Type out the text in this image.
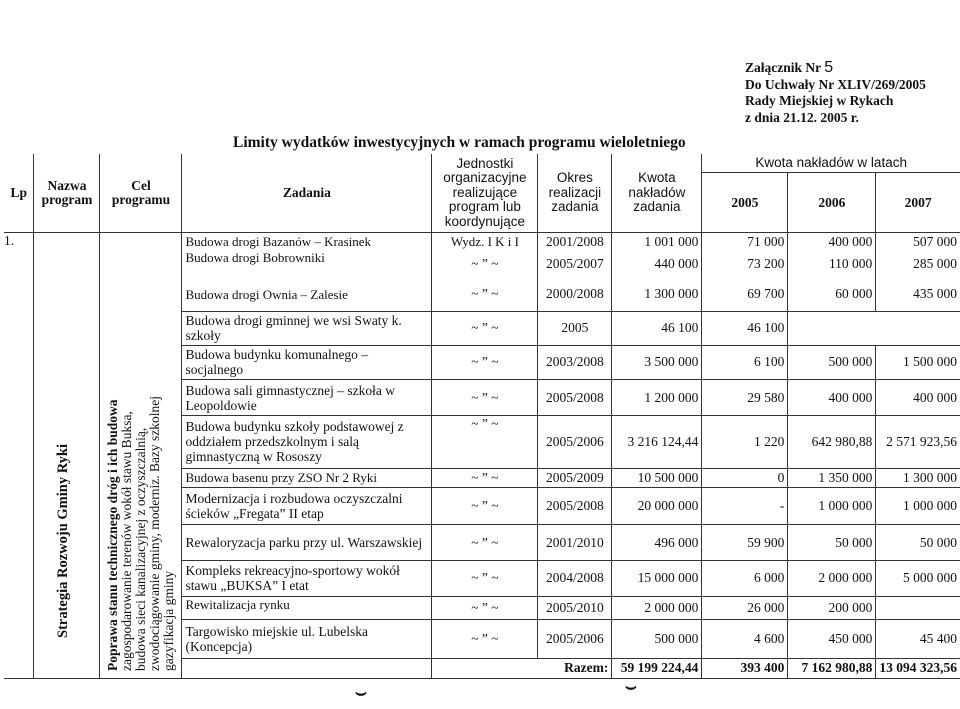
Załącznik Nr 5
Do Uchwały Nr XLIV/269/2005
Rady Miejskiej w Rykach
z dnia 21.12. 2005 r.
Limity wydatków inwestycyjnych w ramach programu wieloletniego
Lp	Nazwa program	Cel programu	Zadania	Jednostki organizacyjne realizujące program lub koordynujące	Okres realizacji zadania	Kwota nakładów zadania	Kwota nakładów w latach		
							2005	2006	2007
1.	Strategia Rozwoju Gminy Ryki	Poprawa stanu technicznego dróg i ich budowa zagospodarowanie terenów wokół stawu Buksa, budowa sieci kanalizacyjnej z oczyszczalnią, zwodociągowanie gminy, moderniz. Bazy szkolnej gazyfikacja gminy	Budowa drogi Bazanów – Krasinek	Wydz. I K i I	2001/2008	1 001 000	71 000	400 000	507 000
			Budowa drogi Bobrowniki	~ ” ~	2005/2007	440 000	73 200	110 000	285 000
			Budowa drogi Ownia – Zalesie	~ ” ~	2000/2008	1 300 000	69 700	60 000	435 000
			Budowa drogi gminnej we wsi Swaty k. szkoły	~ ” ~	2005	46 100	46 100		
			Budowa budynku komunalnego – socjalnego	~ ” ~	2003/2008	3 500 000	6 100	500 000	1 500 000
			Budowa sali gimnastycznej – szkoła w Leopoldowie	~ ” ~	2005/2008	1 200 000	29 580	400 000	400 000
			Budowa budynku szkoły podstawowej z oddziałem przedszkolnym i salą gimnastyczną w Rososzy	~ ” ~	2005/2006	3 216 124,44	1 220	642 980,88	2 571 923,56
			Budowa basenu przy ZSO Nr 2 Ryki	~ ” ~	2005/2009	10 500 000	0	1 350 000	1 300 000
			Modernizacja i rozbudowa oczyszczalni ścieków „Fregata” II etap	~ ” ~	2005/2008	20 000 000	-	1 000 000	1 000 000
			Rewaloryzacja parku przy ul. Warszawskiej	~ ” ~	2001/2010	496 000	59 900	50 000	50 000
			Kompleks rekreacyjno-sportowy wokół stawu „BUKSA” I etat	~ ” ~	2004/2008	15 000 000	6 000	2 000 000	5 000 000
			Rewitalizacja rynku	~ ” ~	2005/2010	2 000 000	26 000	200 000	
			Targowisko miejskie ul. Lubelska (Koncepcja)	~ ” ~	2005/2006	500 000	4 600	450 000	45 400
				Razem:		59 199 224,44	393 400	7 162 980,88	13 094 323,56
⌣	⌣
